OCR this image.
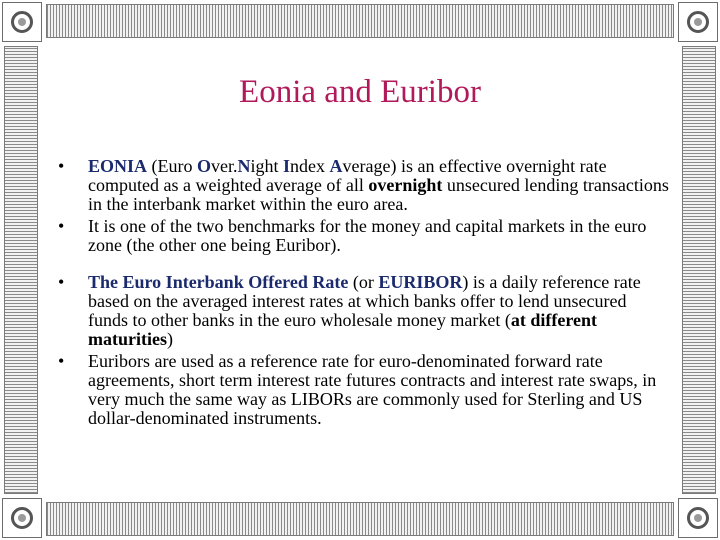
Eonia and Euribor
• EONIA (Euro Over.Night Index Average) is an effective overnight rate computed as a weighted average of all overnight unsecured lending transactions in the interbank market within the euro area.
• It is one of the two benchmarks for the money and capital markets in the euro zone (the other one being Euribor).
• The Euro Interbank Offered Rate (or EURIBOR) is a daily reference rate based on the averaged interest rates at which banks offer to lend unsecured funds to other banks in the euro wholesale money market (at different maturities)
• Euribors are used as a reference rate for euro-denominated forward rate agreements, short term interest rate futures contracts and interest rate swaps, in very much the same way as LIBORs are commonly used for Sterling and US dollar-denominated instruments.
